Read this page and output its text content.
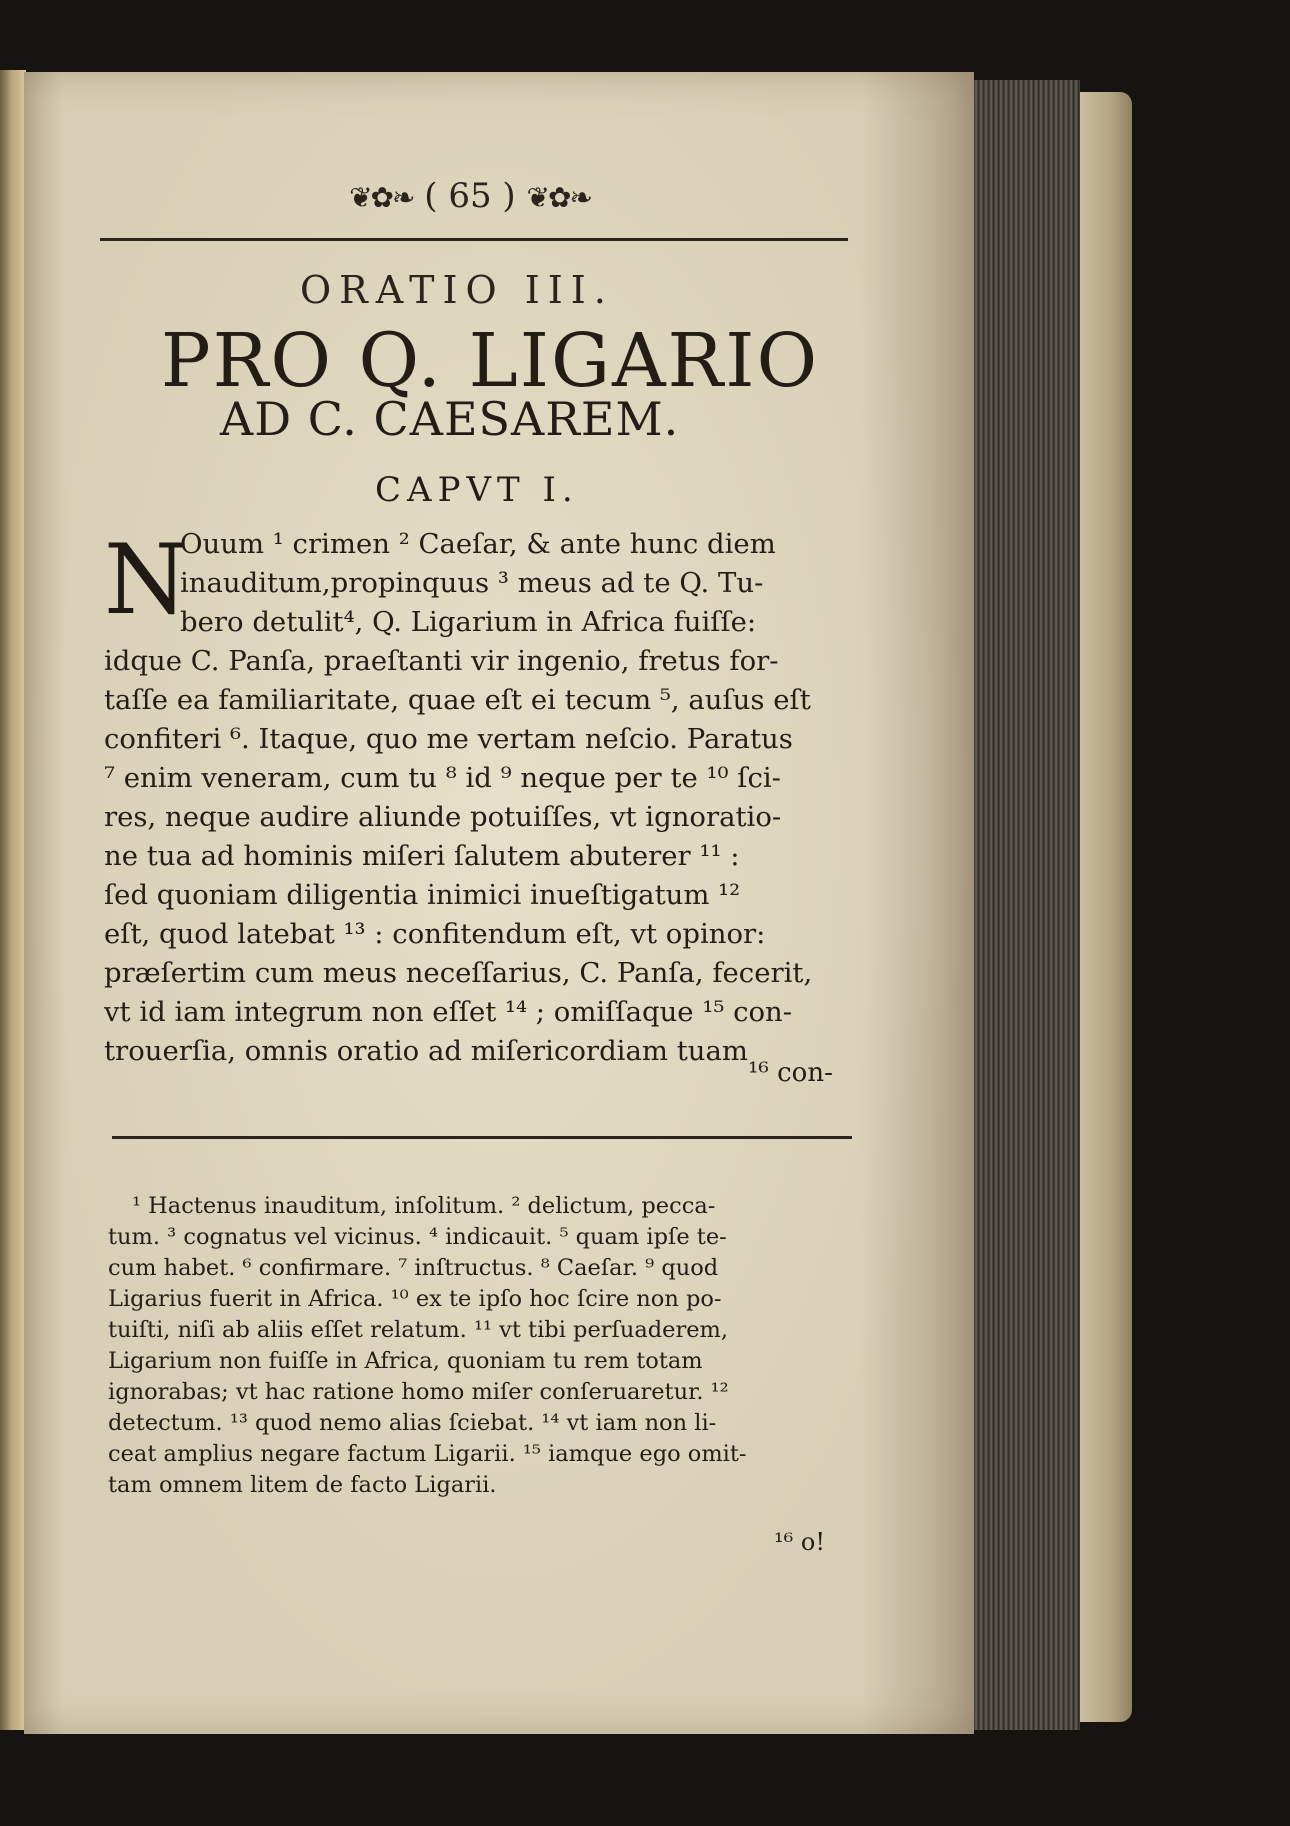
❦✿❧ ( 65 ) ❦✿❧
ORATIO III.
PRO Q. LIGARIO
AD C. CAESAREM.
CAPVT I.
N
Ouum ¹ crimen ² Caeſar, & ante hunc diem
inauditum,propinquus ³ meus ad te Q. Tu-
bero detulit⁴, Q. Ligarium in Africa fuiſſe:
idque C. Panſa, praeſtanti vir ingenio, fretus for-
taſſe ea familiaritate, quae eſt ei tecum ⁵, auſus eſt
confiteri ⁶. Itaque, quo me vertam neſcio. Paratus
⁷ enim veneram, cum tu ⁸ id ⁹ neque per te ¹⁰ ſci-
res, neque audire aliunde potuiſſes, vt ignoratio-
ne tua ad hominis miſeri ſalutem abuterer ¹¹ :
ſed quoniam diligentia inimici inueſtigatum ¹²
eſt, quod latebat ¹³ : confitendum eſt, vt opinor:
præſertim cum meus neceſſarius, C. Panſa, fecerit,
vt id iam integrum non eſſet ¹⁴ ; omiſſaque ¹⁵ con-
trouerſia, omnis oratio ad miſericordiam tuam
¹⁶ con-
¹ Hactenus inauditum, inſolitum. ² delictum, pecca-
tum. ³ cognatus vel vicinus. ⁴ indicauit. ⁵ quam ipſe te-
cum habet. ⁶ confirmare. ⁷ inſtructus. ⁸ Caeſar. ⁹ quod
Ligarius fuerit in Africa. ¹⁰ ex te ipſo hoc ſcire non po-
tuiſti, niſi ab aliis eſſet relatum. ¹¹ vt tibi perſuaderem,
Ligarium non fuiſſe in Africa, quoniam tu rem totam
ignorabas; vt hac ratione homo miſer conſeruaretur. ¹²
detectum. ¹³ quod nemo alias ſciebat. ¹⁴ vt iam non li-
ceat amplius negare factum Ligarii. ¹⁵ iamque ego omit-
tam omnem litem de facto Ligarii.
¹⁶ o!
